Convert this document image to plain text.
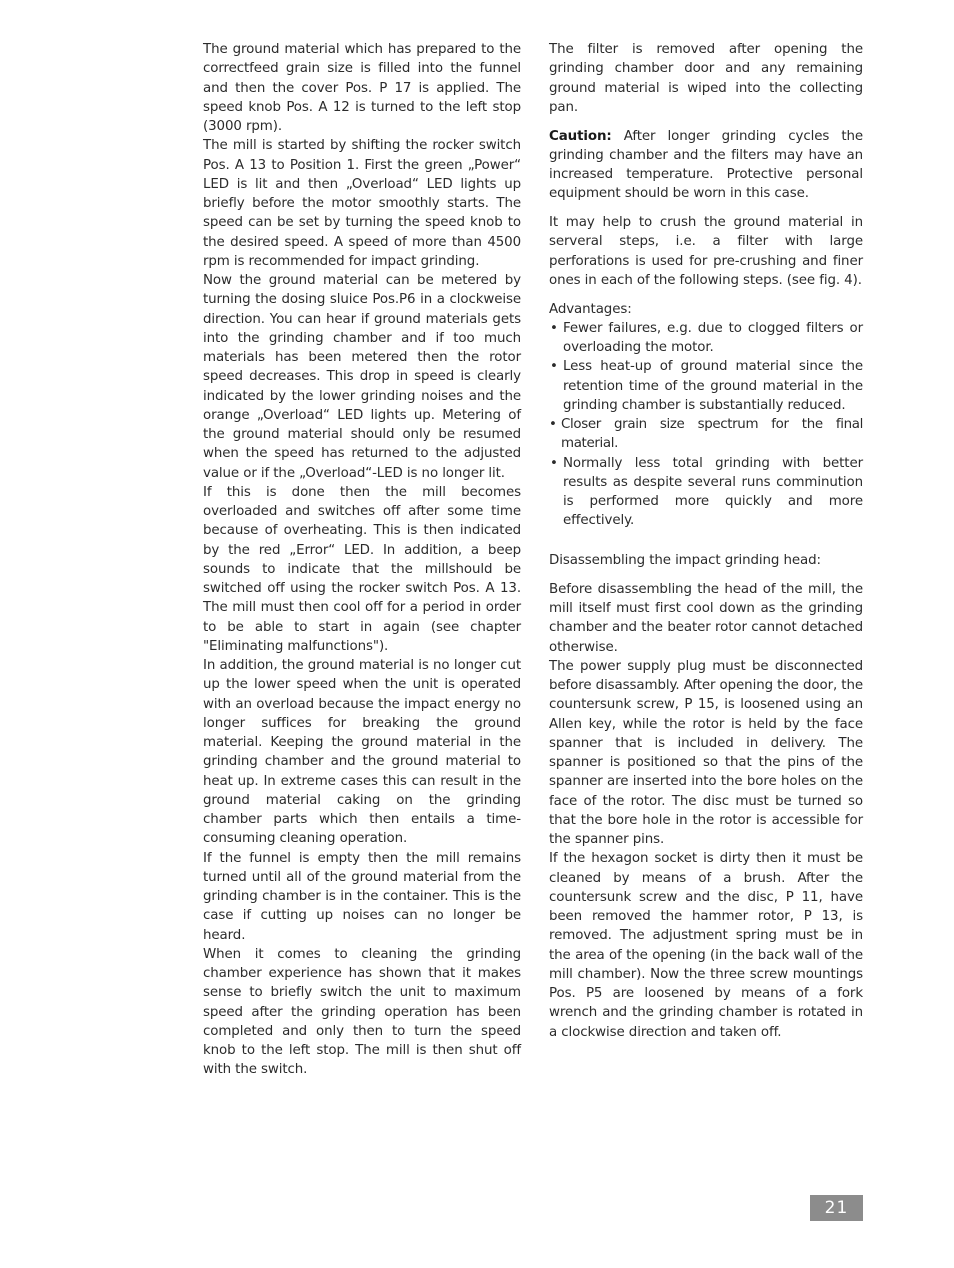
The ground material which has prepared to the correctfeed grain size is filled into the funnel and then the cover Pos. P 17 is applied. The speed knob Pos. A 12 is turned to the left stop (3000 rpm).

The mill is started by shifting the rocker switch Pos. A 13 to Position 1. First the green „Power“ LED is lit and then „Overload“ LED lights up briefly before the motor smoothly starts. The speed can be set by turning the speed knob to the desired speed. A speed of more than 4500 rpm is recommended for impact grinding.

Now the ground material can be metered by turning the dosing sluice Pos.P6 in a clockweise direction. You can hear if ground materials gets into the grinding chamber and if too much materials has been metered then the rotor speed decreases. This drop in speed is clearly indicated by the lower grinding noises and the orange „Overload“ LED lights up. Metering of the ground material should only be resumed when the speed has returned to the adjusted value or if the „Overload“-LED is no longer lit.

If this is done then the mill becomes overloaded and switches off after some time because of overheating. This is then indicated by the red „Error“ LED. In addition, a beep sounds to indicate that the millshould be switched off using the rocker switch Pos. A 13. The mill must then cool off for a period in order to be able to start in again (see chapter "Eliminating malfunctions").

In addition, the ground material is no longer cut up the lower speed when the unit is operated with an overload because the impact energy no longer suffices for breaking the ground material. Keeping the ground material in the grinding chamber and the ground material to heat up. In extreme cases this can result in the ground material caking on the grinding chamber parts which then entails a time-consuming cleaning operation.

If the funnel is empty then the mill remains turned until all of the ground material from the grinding chamber is in the container. This is the case if cutting up noises can no longer be heard.

When it comes to cleaning the grinding chamber experience has shown that it makes sense to briefly switch the unit to maximum speed after the grinding operation has been completed and only then to turn the speed knob to the left stop. The mill is then shut off with the switch.

The filter is removed after opening the grinding chamber door and any remaining ground material is wiped into the collecting pan.

Caution: After longer grinding cycles the grinding chamber and the filters may have an increased temperature. Protective personal equipment should be worn in this case.

It may help to crush the ground material in serveral steps, i.e. a filter with large perforations is used for pre-crushing and finer ones in each of the following steps. (see fig. 4).

Advantages:

• Fewer failures, e.g. due to clogged filters or overloading the motor.
• Less heat-up of ground material since the retention time of the ground material in the grinding chamber is substantially reduced.
• Closer grain size spectrum for the final material.
• Normally less total grinding with better results as despite several runs comminution is performed more quickly and more effectively.

Disassembling the impact grinding head:

Before disassembling the head of the mill, the mill itself must first cool down as the grinding chamber and the beater rotor cannot detached otherwise.

The power supply plug must be disconnected before disassambly. After opening the door, the countersunk screw, P 15, is loosened using an Allen key, while the rotor is held by the face spanner that is included in delivery. The spanner is positioned so that the pins of the spanner are inserted into the bore holes on the face of the rotor. The disc must be turned so that the bore hole in the rotor is accessible for the spanner pins.

If the hexagon socket is dirty then it must be cleaned by means of a brush. After the countersunk screw and the disc, P 11, have been removed the hammer rotor, P 13, is removed. The adjustment spring must be in the area of the opening (in the back wall of the mill chamber). Now the three screw mountings Pos. P5 are loosened by means of a fork wrench and the grinding chamber is rotated in a clockwise direction and taken off.

21
